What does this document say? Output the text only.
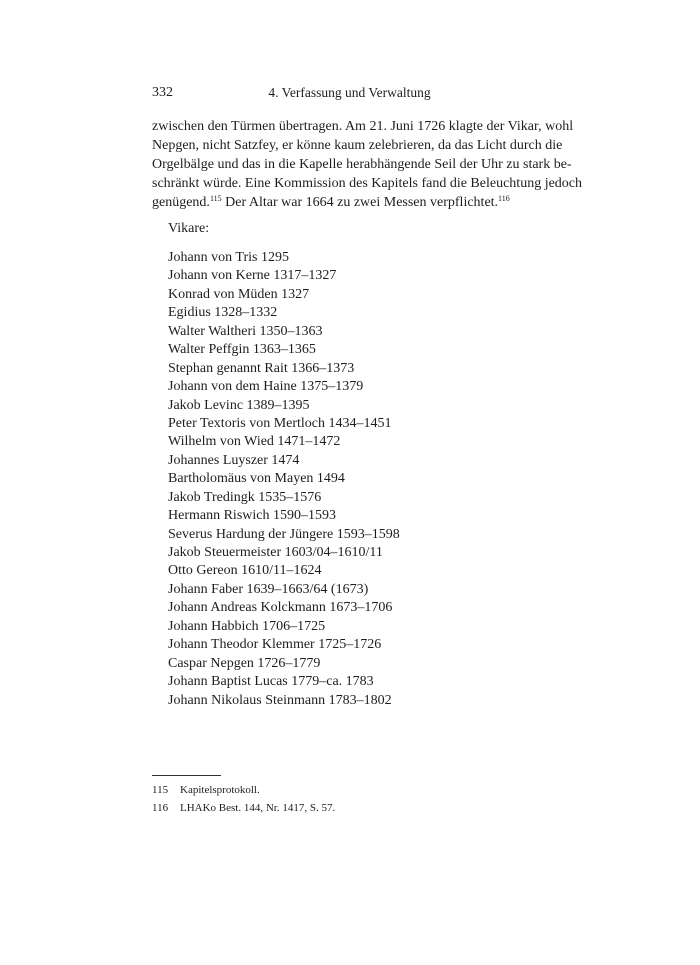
332	4. Verfassung und Verwaltung

zwischen den Türmen übertragen. Am 21. Juni 1726 klagte der Vikar, wohl
Nepgen, nicht Satzfey, er könne kaum zelebrieren, da das Licht durch die
Orgelbälge und das in die Kapelle herabhängende Seil der Uhr zu stark be-
schränkt würde. Eine Kommission des Kapitels fand die Beleuchtung jedoch
genügend.$^{115}$ Der Altar war 1664 zu zwei Messen verpflichtet.$^{116}$

Vikare:
Johann von Tris 1295
Johann von Kerne 1317–1327
Konrad von Müden 1327
Egidius 1328–1332
Walter Waltheri 1350–1363
Walter Peffgin 1363–1365
Stephan genannt Rait 1366–1373
Johann von dem Haine 1375–1379
Jakob Levinc 1389–1395
Peter Textoris von Mertloch 1434–1451
Wilhelm von Wied 1471–1472
Johannes Luyszer 1474
Bartholomäus von Mayen 1494
Jakob Tredingk 1535–1576
Hermann Riswich 1590–1593
Severus Hardung der Jüngere 1593–1598
Jakob Steuermeister 1603/04–1610/11
Otto Gereon 1610/11–1624
Johann Faber 1639–1663/64 (1673)
Johann Andreas Kolckmann 1673–1706
Johann Habbich 1706–1725
Johann Theodor Klemmer 1725–1726
Caspar Nepgen 1726–1779
Johann Baptist Lucas 1779–ca. 1783
Johann Nikolaus Steinmann 1783–1802
115 Kapitelsprotokoll.
116 LHAKo Best. 144, Nr. 1417, S. 57.
